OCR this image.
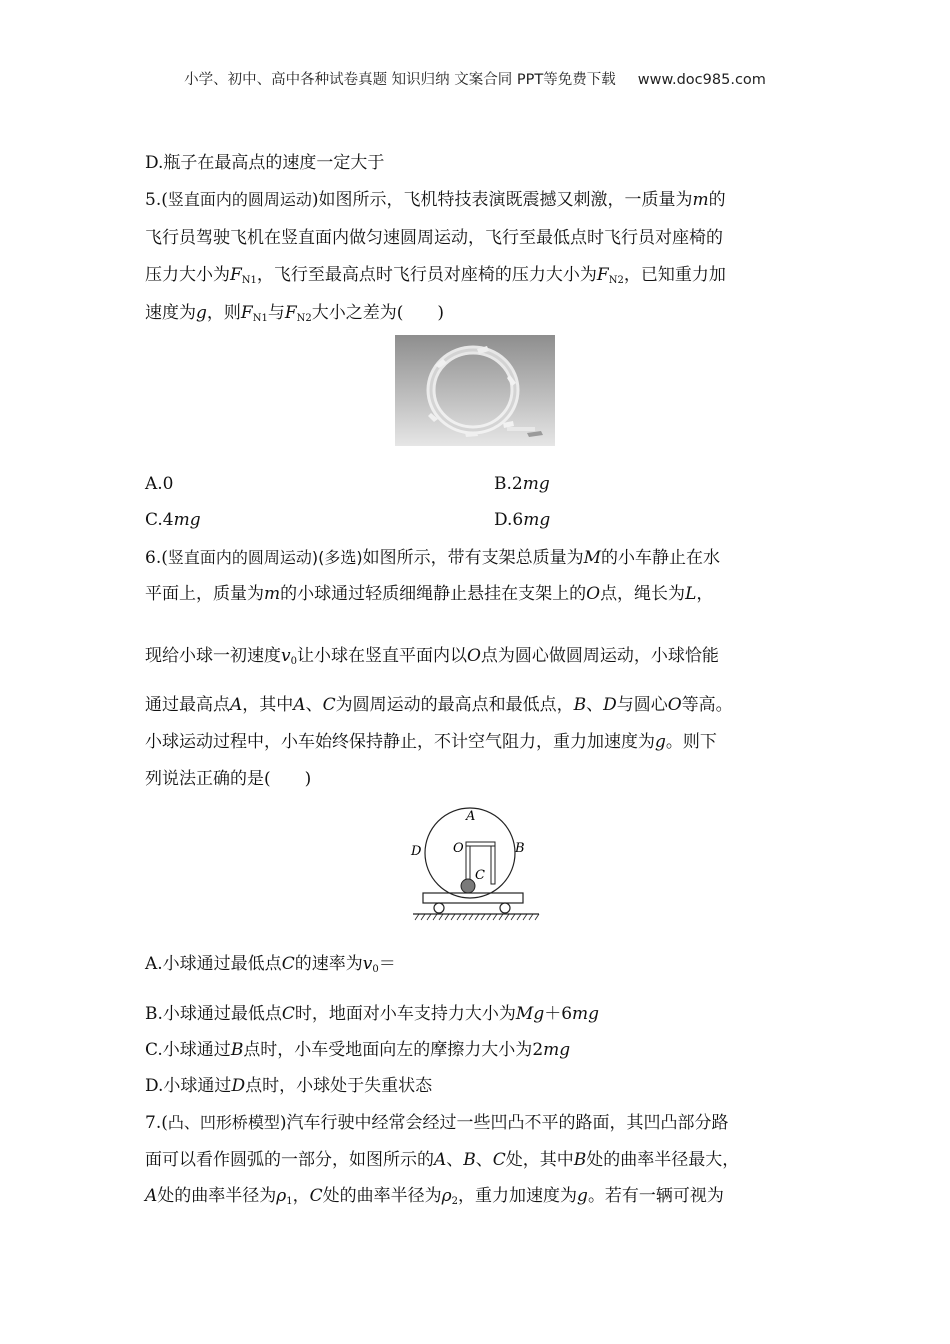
小学、初中、高中各种试卷真题 知识归纳 文案合同 PPT等免费下载 www.doc985.com
D.瓶子在最高点的速度一定大于
5.(竖直面内的圆周运动)如图所示，飞机特技表演既震撼又刺激，一质量为m的
飞行员驾驶飞机在竖直面内做匀速圆周运动，飞行至最低点时飞行员对座椅的
压力大小为$F_{N1}$，飞行至最高点时飞行员对座椅的压力大小为$F_{N2}$，已知重力加
速度为g，则$F_{N1}$与$F_{N2}$大小之差为(　　)
A.0	B.2mg
C.4mg	D.6mg
6.(竖直面内的圆周运动)(多选)如图所示，带有支架总质量为M的小车静止在水
平面上，质量为m的小球通过轻质细绳静止悬挂在支架上的O点，绳长为L，
现给小球一初速度$v_0$让小球在竖直平面内以O点为圆心做圆周运动，小球恰能
通过最高点A，其中A、C为圆周运动的最高点和最低点，B、D与圆心O等高。
小球运动过程中，小车始终保持静止，不计空气阻力，重力加速度为g。则下
列说法正确的是(　　)
A
O	B
D
C
A.小球通过最低点C的速率为$v_0=$
B.小球通过最低点C时，地面对小车支持力大小为Mg＋6mg
C.小球通过B点时，小车受地面向左的摩擦力大小为2mg
D.小球通过D点时，小球处于失重状态
7.(凸、凹形桥模型)汽车行驶中经常会经过一些凹凸不平的路面，其凹凸部分路
面可以看作圆弧的一部分，如图所示的A、B、C处，其中B处的曲率半径最大，
A处的曲率半径为$\rho_1$，C处的曲率半径为$\rho_2$，重力加速度为g。若有一辆可视为
